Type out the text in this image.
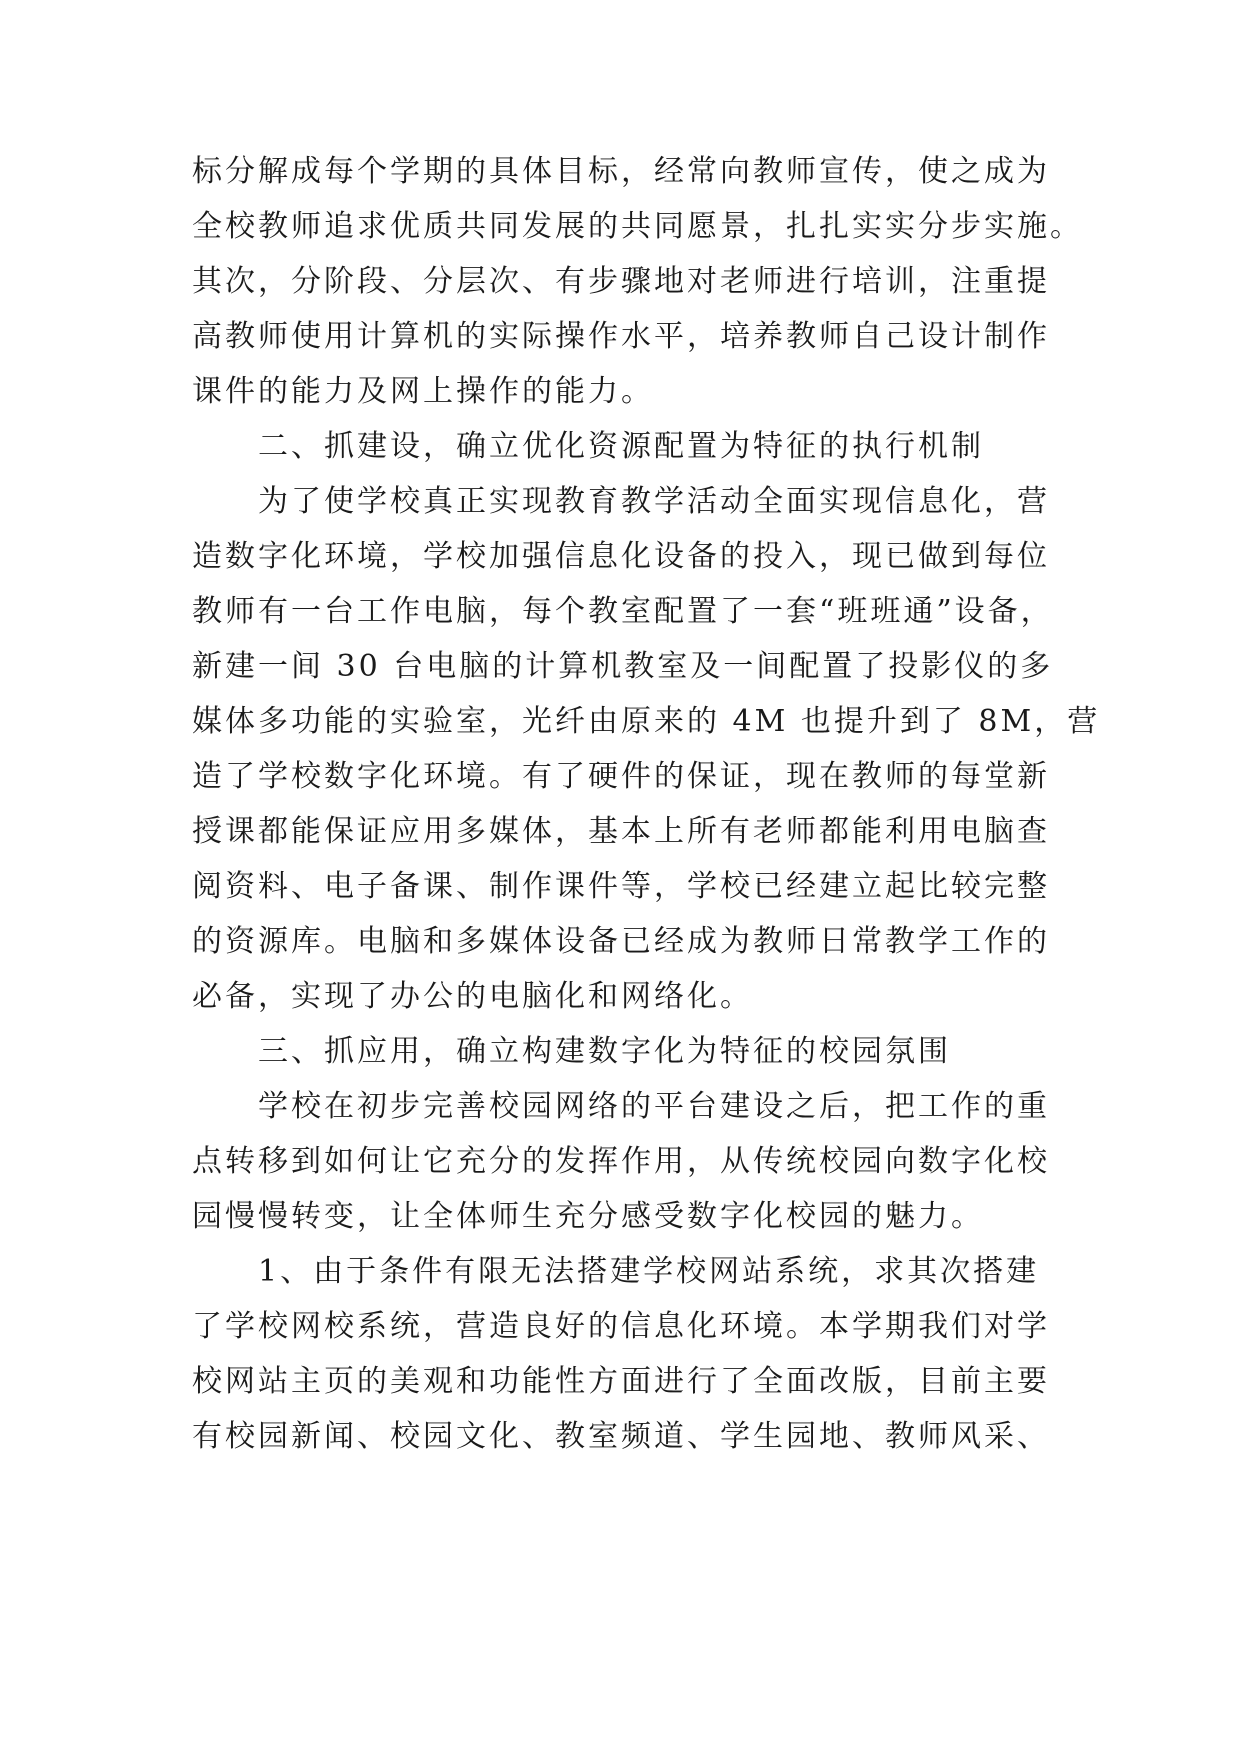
标分解成每个学期的具体目标，经常向教师宣传，使之成为
全校教师追求优质共同发展的共同愿景，扎扎实实分步实施。
其次，分阶段、分层次、有步骤地对老师进行培训，注重提
高教师使用计算机的实际操作水平，培养教师自己设计制作
课件的能力及网上操作的能力。
二、抓建设，确立优化资源配置为特征的执行机制
为了使学校真正实现教育教学活动全面实现信息化，营
造数字化环境，学校加强信息化设备的投入，现已做到每位
教师有一台工作电脑，每个教室配置了一套“班班通”设备，
新建一间 30 台电脑的计算机教室及一间配置了投影仪的多
媒体多功能的实验室，光纤由原来的 4M 也提升到了 8M，营
造了学校数字化环境。有了硬件的保证，现在教师的每堂新
授课都能保证应用多媒体，基本上所有老师都能利用电脑查
阅资料、电子备课、制作课件等，学校已经建立起比较完整
的资源库。电脑和多媒体设备已经成为教师日常教学工作的
必备，实现了办公的电脑化和网络化。
三、抓应用，确立构建数字化为特征的校园氛围
学校在初步完善校园网络的平台建设之后，把工作的重
点转移到如何让它充分的发挥作用，从传统校园向数字化校
园慢慢转变，让全体师生充分感受数字化校园的魅力。
1、由于条件有限无法搭建学校网站系统，求其次搭建
了学校网校系统，营造良好的信息化环境。本学期我们对学
校网站主页的美观和功能性方面进行了全面改版，目前主要
有校园新闻、校园文化、教室频道、学生园地、教师风采、
